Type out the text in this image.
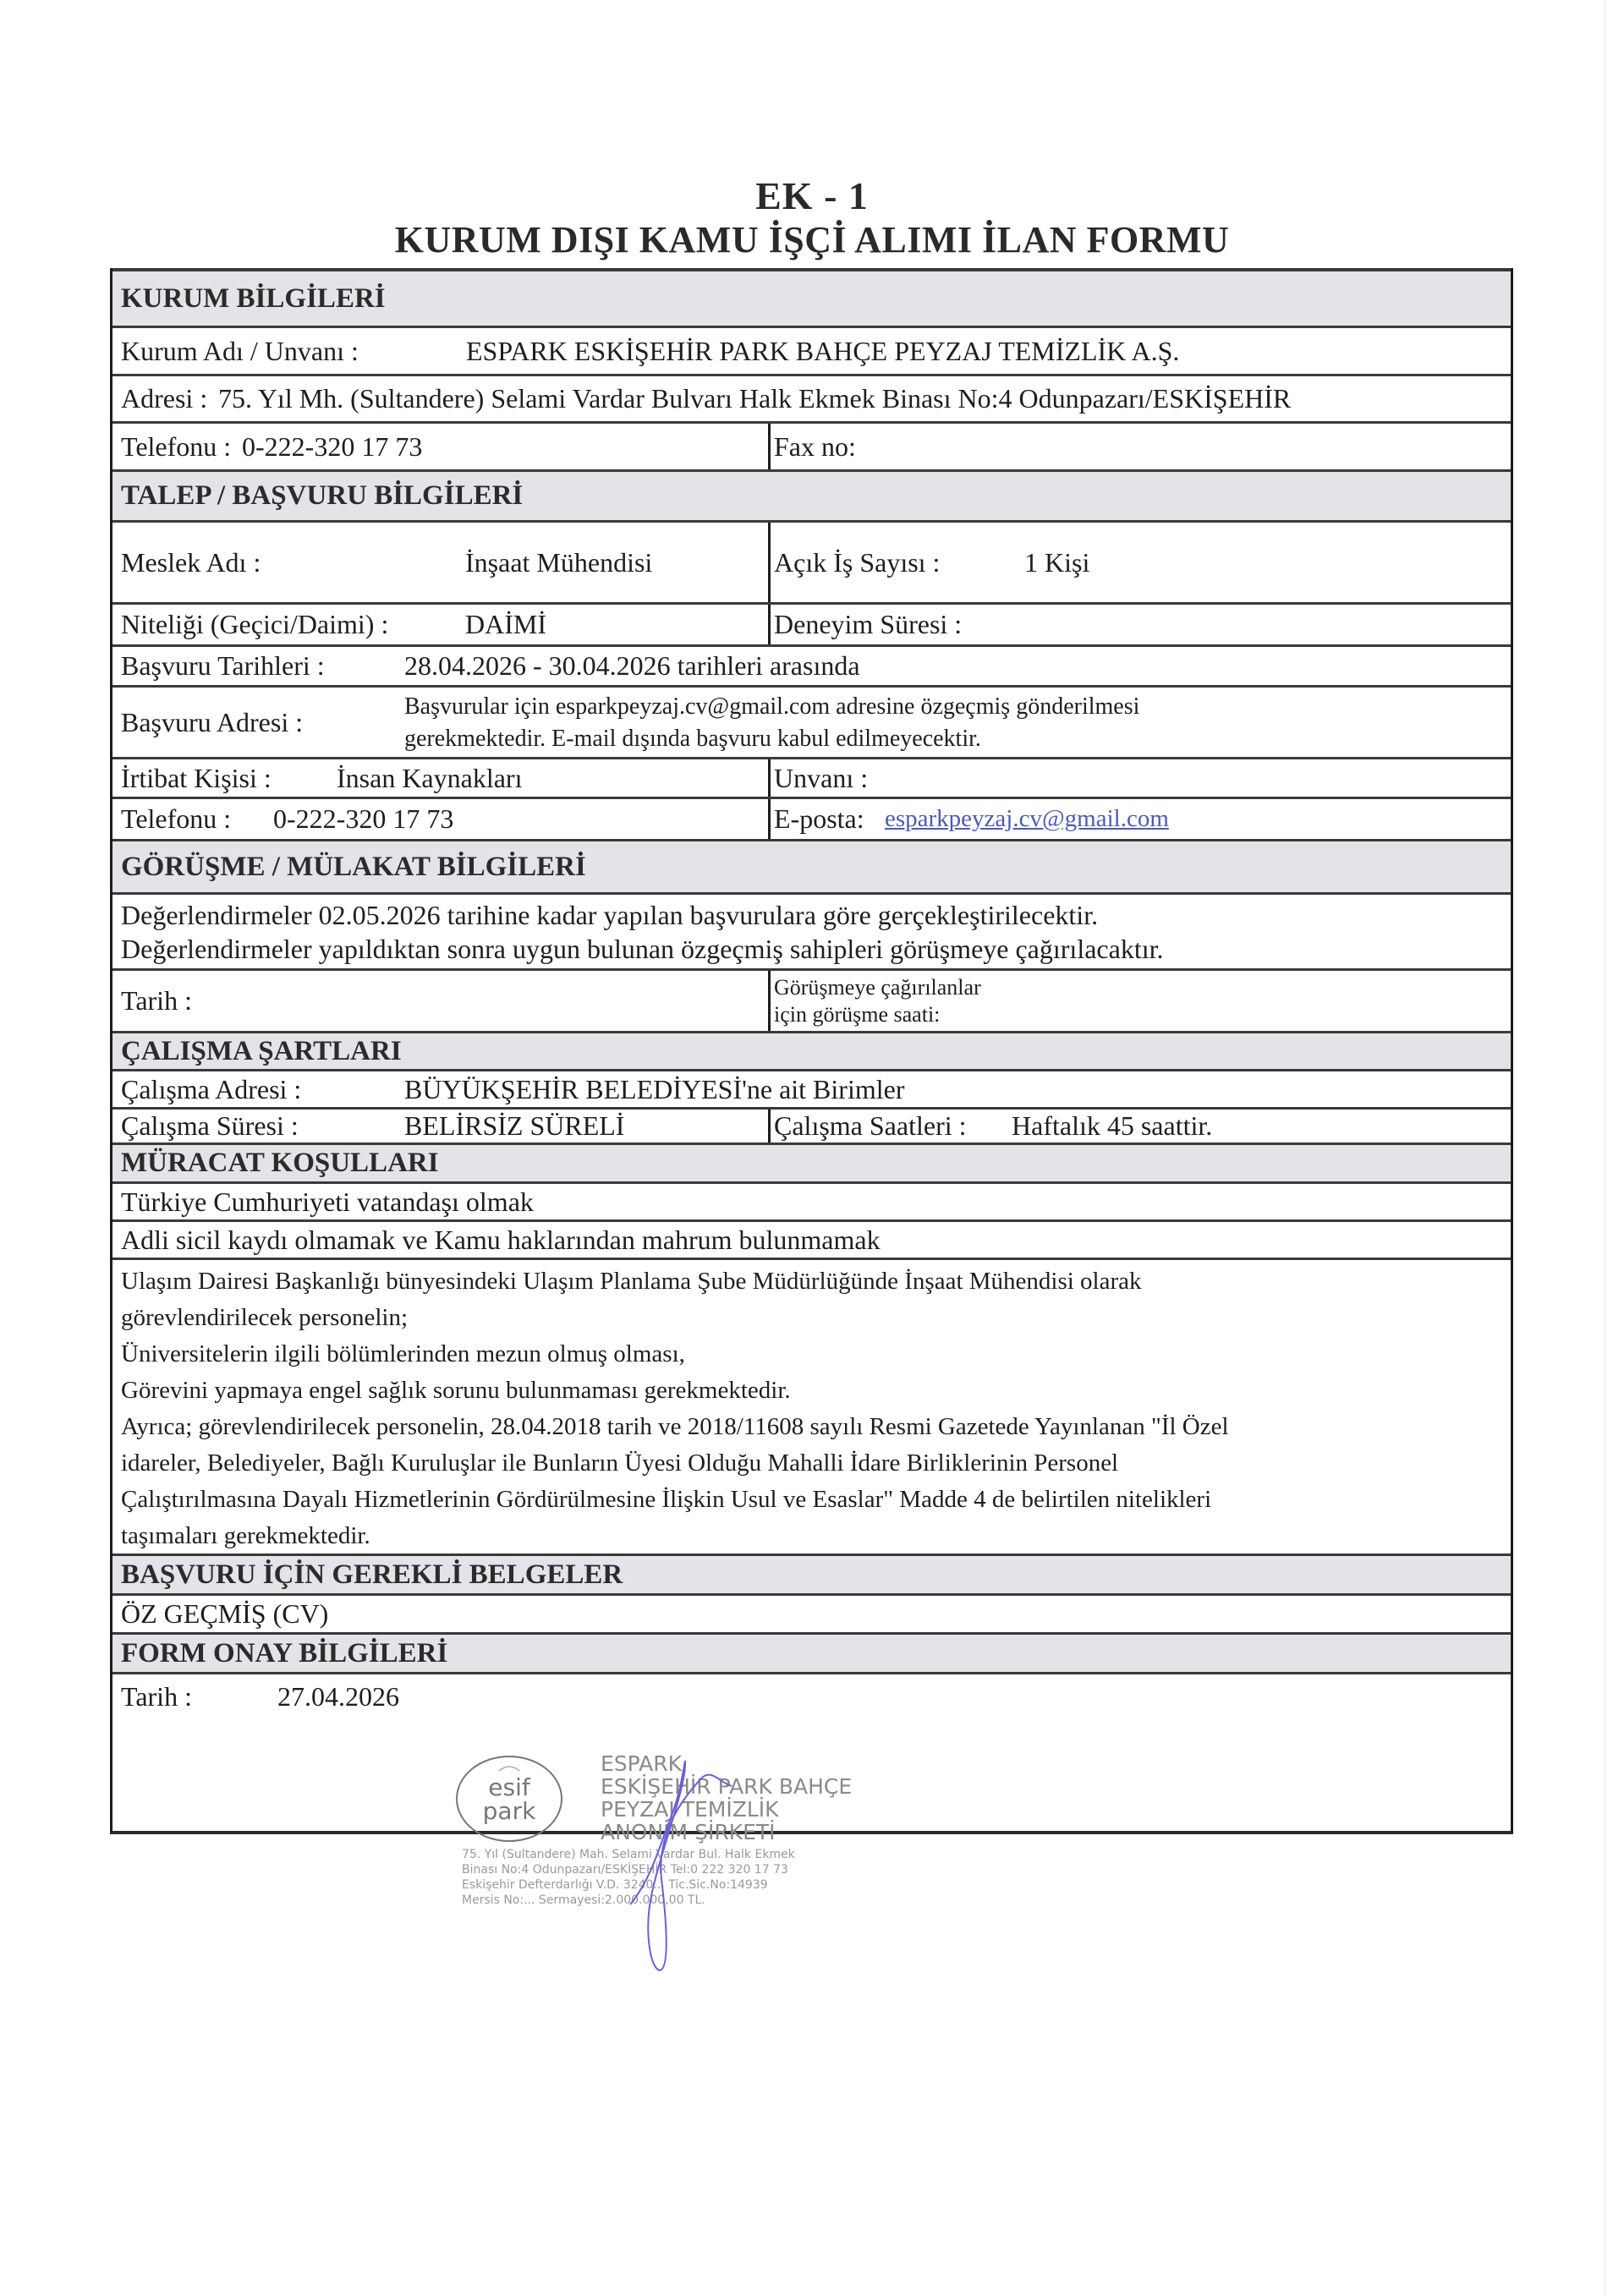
EK - 1
KURUM DIŞI KAMU İŞÇİ ALIMI İLAN FORMU
KURUM BİLGİLERİ
Kurum Adı / Unvanı :	ESPARK ESKİŞEHİR PARK BAHÇE PEYZAJ TEMİZLİK A.Ş.
Adresi : 75. Yıl Mh. (Sultandere) Selami Vardar Bulvarı Halk Ekmek Binası No:4 Odunpazarı/ESKİŞEHİR
Telefonu : 0-222-320 17 73	Fax no:
TALEP / BAŞVURU BİLGİLERİ
Meslek Adı :	İnşaat Mühendisi	Açık İş Sayısı :	1 Kişi
Niteliği (Geçici/Daimi) :	DAİMİ	Deneyim Süresi :
Başvuru Tarihleri :	28.04.2026 - 30.04.2026 tarihleri arasında
Başvuru Adresi :	Başvurular için esparkpeyzaj.cv@gmail.com adresine özgeçmiş gönderilmesi
gerekmektedir. E-mail dışında başvuru kabul edilmeyecektir.
İrtibat Kişisi : İnsan Kaynakları	Unvanı :
Telefonu : 0-222-320 17 73	E-posta: esparkpeyzaj.cv@gmail.com
GÖRÜŞME / MÜLAKAT BİLGİLERİ
Değerlendirmeler 02.05.2026 tarihine kadar yapılan başvurulara göre gerçekleştirilecektir.
Değerlendirmeler yapıldıktan sonra uygun bulunan özgeçmiş sahipleri görüşmeye çağırılacaktır.
Tarih :	Görüşmeye çağırılanlar
için görüşme saati:
ÇALIŞMA ŞARTLARI
Çalışma Adresi :	BÜYÜKŞEHİR BELEDİYESİ'ne ait Birimler
Çalışma Süresi :	BELİRSİZ SÜRELİ	Çalışma Saatleri : Haftalık 45 saattir.
MÜRACAT KOŞULLARI
Türkiye Cumhuriyeti vatandaşı olmak
Adli sicil kaydı olmamak ve Kamu haklarından mahrum bulunmamak
Ulaşım Dairesi Başkanlığı bünyesindeki Ulaşım Planlama Şube Müdürlüğünde İnşaat Mühendisi olarak
görevlendirilecek personelin;
Üniversitelerin ilgili bölümlerinden mezun olmuş olması,
Görevini yapmaya engel sağlık sorunu bulunmaması gerekmektedir.
Ayrıca; görevlendirilecek personelin, 28.04.2018 tarih ve 2018/11608 sayılı Resmi Gazetede Yayınlanan "İl Özel
idareler, Belediyeler, Bağlı Kuruluşlar ile Bunların Üyesi Olduğu Mahalli İdare Birliklerinin Personel
Çalıştırılmasına Dayalı Hizmetlerinin Gördürülmesine İlişkin Usul ve Esaslar" Madde 4 de belirtilen nitelikleri
taşımaları gerekmektedir.
BAŞVURU İÇİN GEREKLİ BELGELER
ÖZ GEÇMİŞ (CV)
FORM ONAY BİLGİLERİ
Tarih :	27.04.2026
esif
park
ESPARK
ESKİŞEHİR PARK BAHÇE
PEYZAJ TEMİZLİK
ANONİM ŞİRKETİ
75. Yıl (Sultandere) Mah. Selami Vardar Bul. Halk Ekmek
Binası No:4 Odunpazarı/ESKİŞEHİR Tel:0 222 320 17 73
Eskişehir Defterdarlığı V.D. 3240... Tic.Sic.No:14939
Mersis No:... Sermayesi:2.000.000,00 TL.
